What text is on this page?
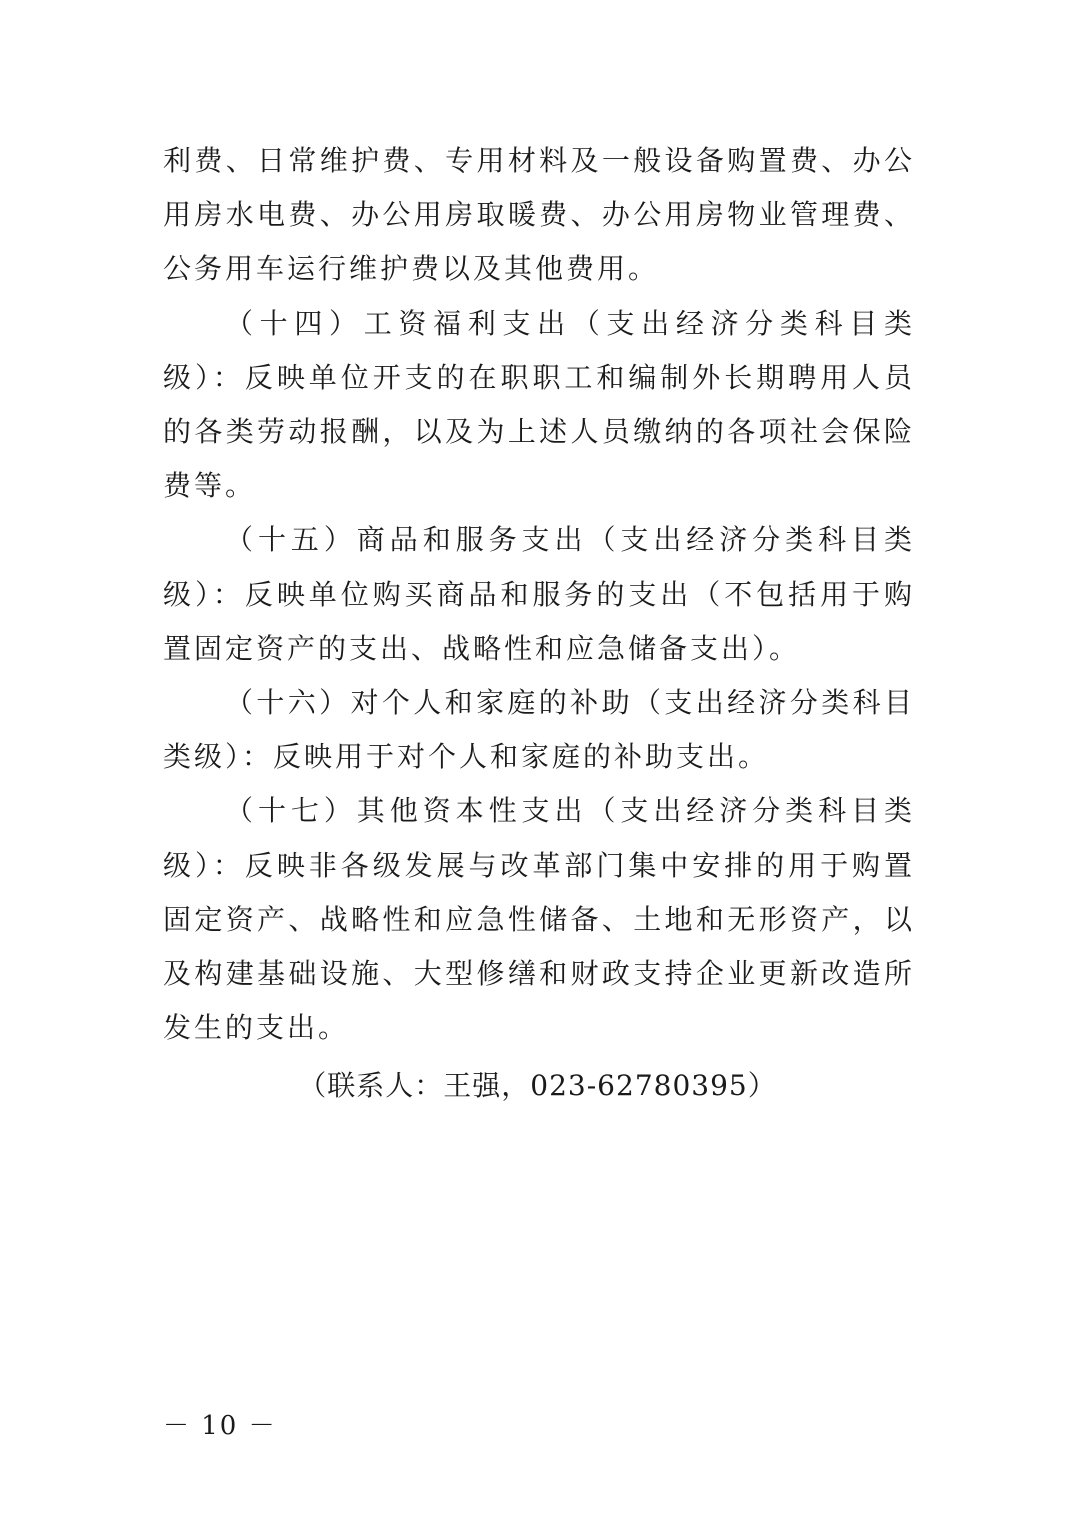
利费、日常维护费、专用材料及一般设备购置费、办公用房水电费、办公用房取暖费、办公用房物业管理费、公务用车运行维护费以及其他费用。

（十四）工资福利支出（支出经济分类科目类级）：反映单位开支的在职职工和编制外长期聘用人员的各类劳动报酬，以及为上述人员缴纳的各项社会保险费等。

（十五）商品和服务支出（支出经济分类科目类级）：反映单位购买商品和服务的支出（不包括用于购置固定资产的支出、战略性和应急储备支出）。

（十六）对个人和家庭的补助（支出经济分类科目类级）：反映用于对个人和家庭的补助支出。

（十七）其他资本性支出（支出经济分类科目类级）：反映非各级发展与改革部门集中安排的用于购置固定资产、战略性和应急性储备、土地和无形资产，以及构建基础设施、大型修缮和财政支持企业更新改造所发生的支出。

（联系人：王强，023-62780395）
－ 10 －
